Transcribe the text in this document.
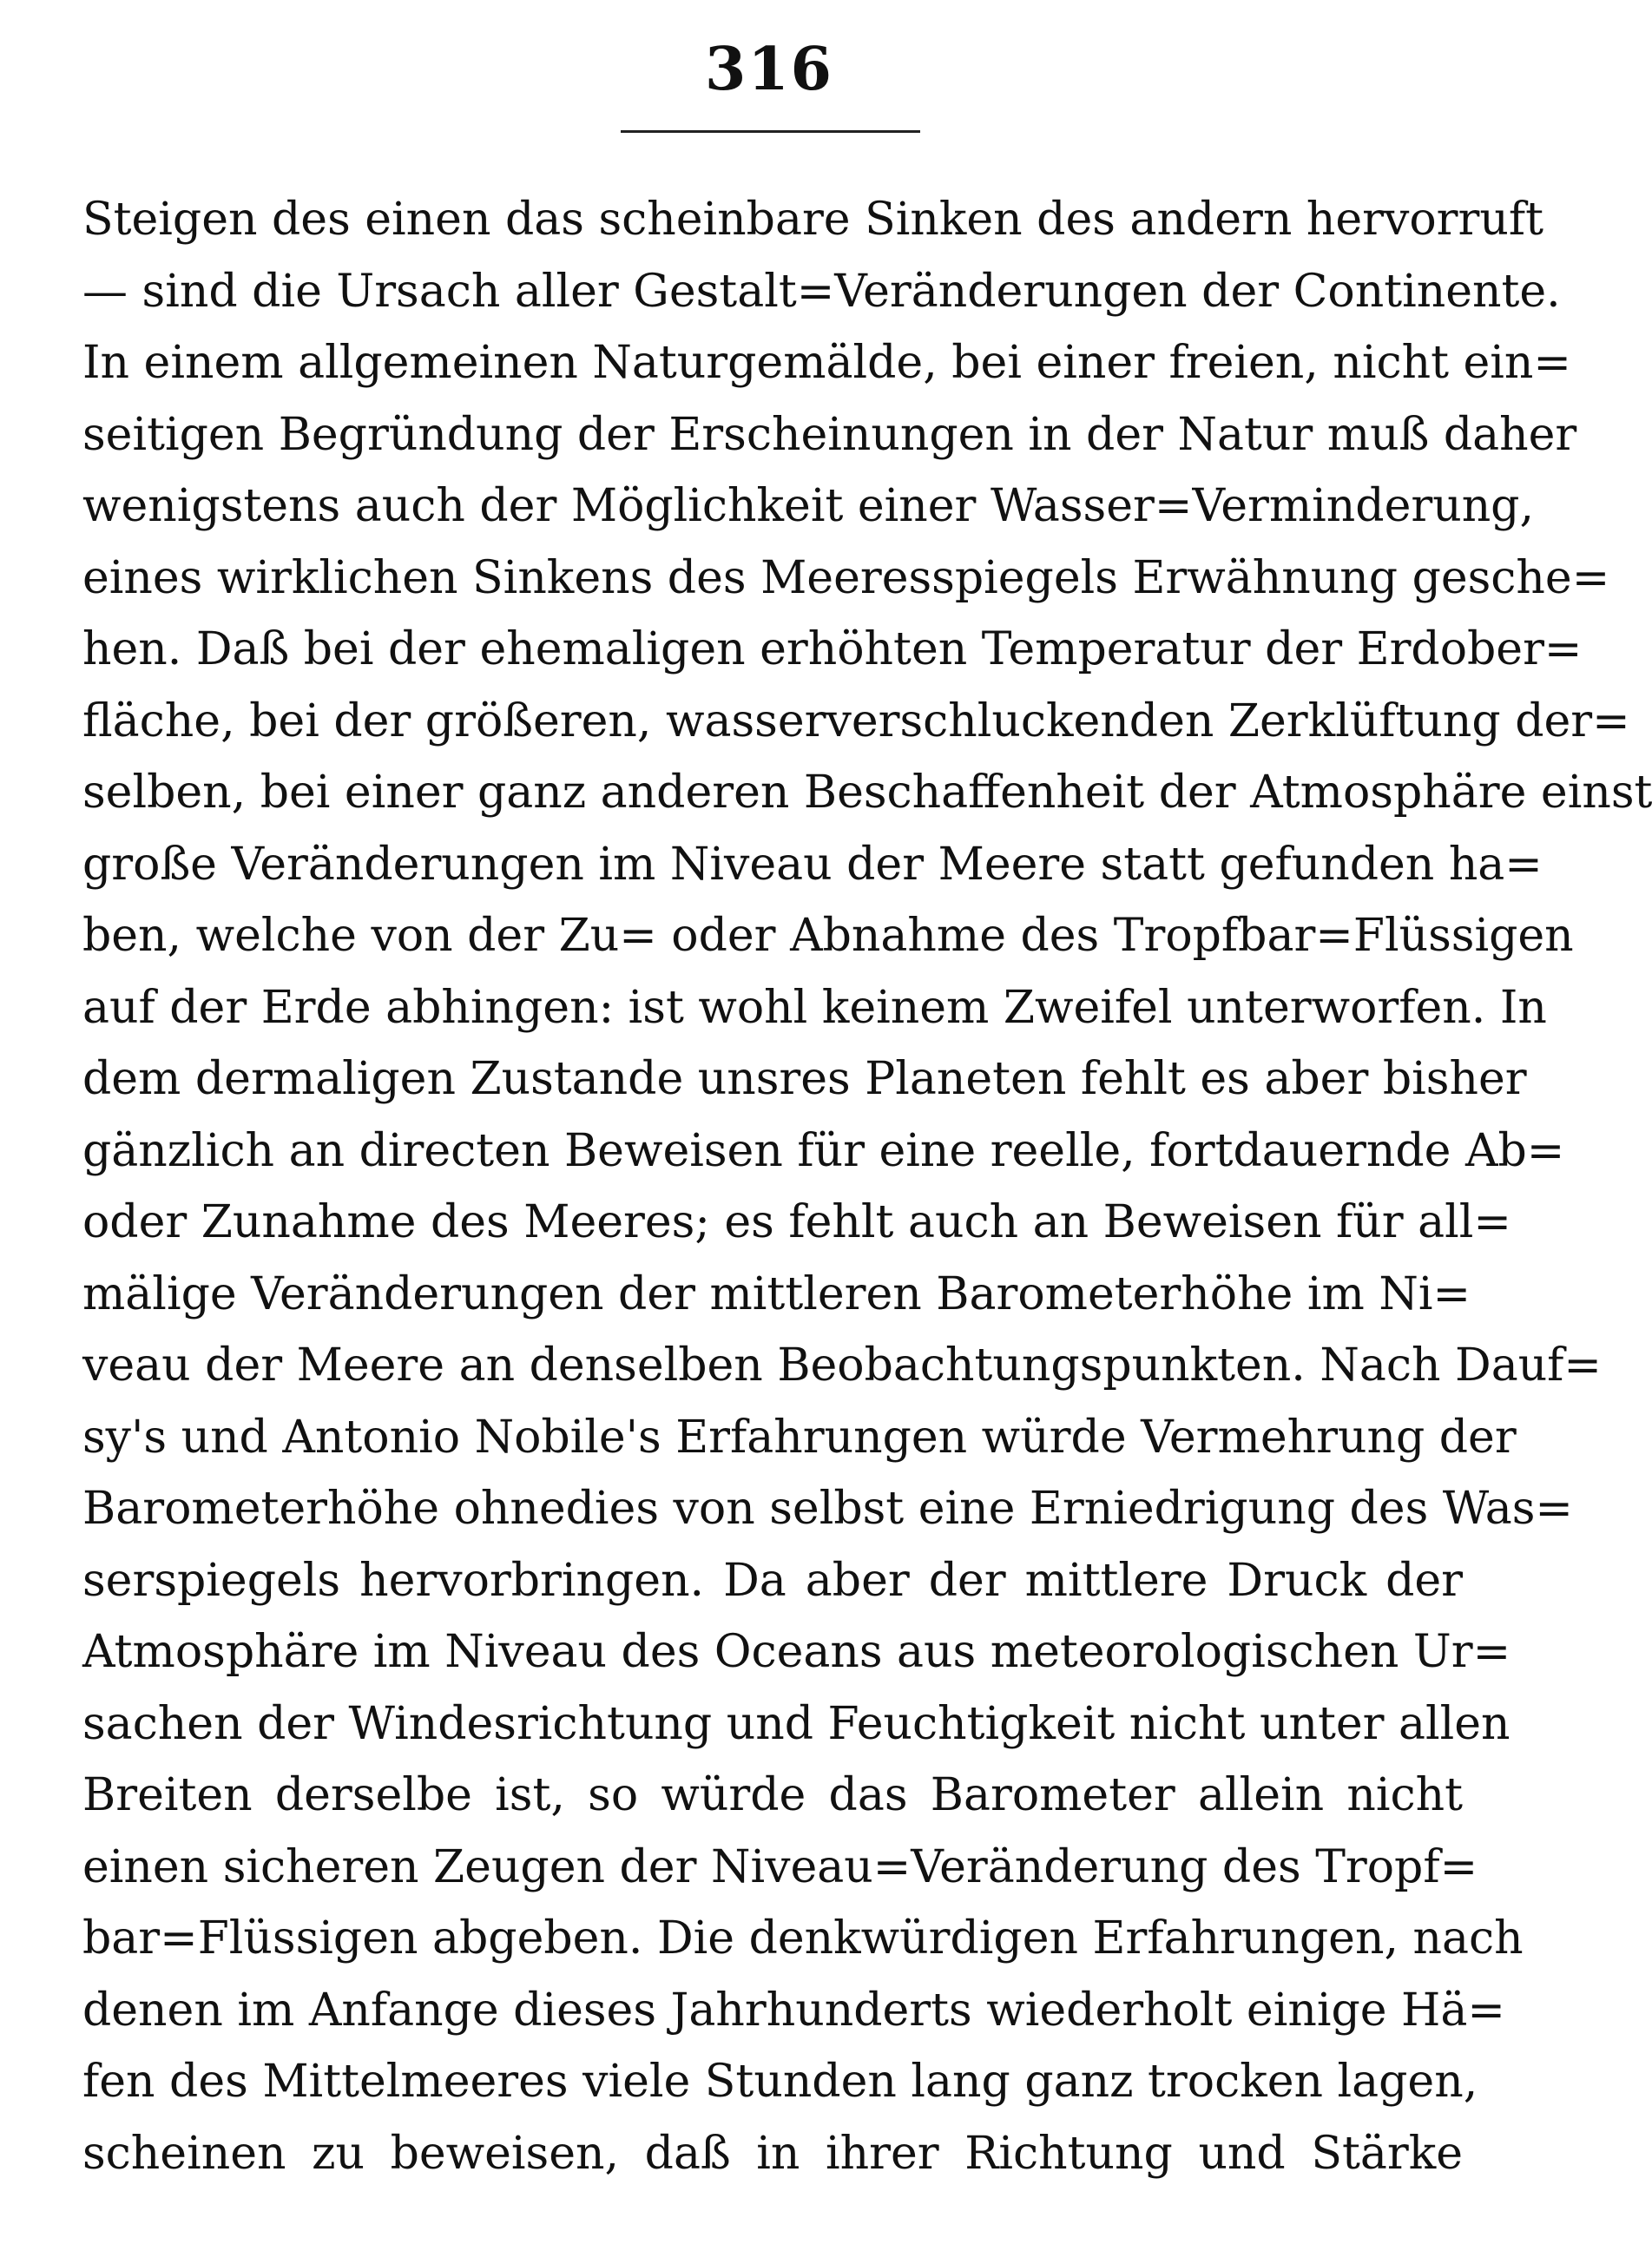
316
Steigen des einen das scheinbare Sinken des andern hervorruft
— sind die Ursach aller Gestalt=Veränderungen der Continente.
In einem allgemeinen Naturgemälde, bei einer freien, nicht ein=
seitigen Begründung der Erscheinungen in der Natur muß daher
wenigstens auch der Möglichkeit einer Wasser=Verminderung,
eines wirklichen Sinkens des Meeresspiegels Erwähnung gesche=
hen. Daß bei der ehemaligen erhöhten Temperatur der Erdober=
fläche, bei der größeren, wasserverschluckenden Zerklüftung der=
selben, bei einer ganz anderen Beschaffenheit der Atmosphäre einst
große Veränderungen im Niveau der Meere statt gefunden ha=
ben, welche von der Zu= oder Abnahme des Tropfbar=Flüssigen
auf der Erde abhingen: ist wohl keinem Zweifel unterworfen. In
dem dermaligen Zustande unsres Planeten fehlt es aber bisher
gänzlich an directen Beweisen für eine reelle, fortdauernde Ab=
oder Zunahme des Meeres; es fehlt auch an Beweisen für all=
mälige Veränderungen der mittleren Barometerhöhe im Ni=
veau der Meere an denselben Beobachtungspunkten. Nach Dauf=
sy's und Antonio Nobile's Erfahrungen würde Vermehrung der
Barometerhöhe ohnedies von selbst eine Erniedrigung des Was=
serspiegels hervorbringen. Da aber der mittlere Druck der
Atmosphäre im Niveau des Oceans aus meteorologischen Ur=
sachen der Windesrichtung und Feuchtigkeit nicht unter allen
Breiten derselbe ist, so würde das Barometer allein nicht
einen sicheren Zeugen der Niveau=Veränderung des Tropf=
bar=Flüssigen abgeben. Die denkwürdigen Erfahrungen, nach
denen im Anfange dieses Jahrhunderts wiederholt einige Hä=
fen des Mittelmeeres viele Stunden lang ganz trocken lagen,
scheinen zu beweisen, daß in ihrer Richtung und Stärke
